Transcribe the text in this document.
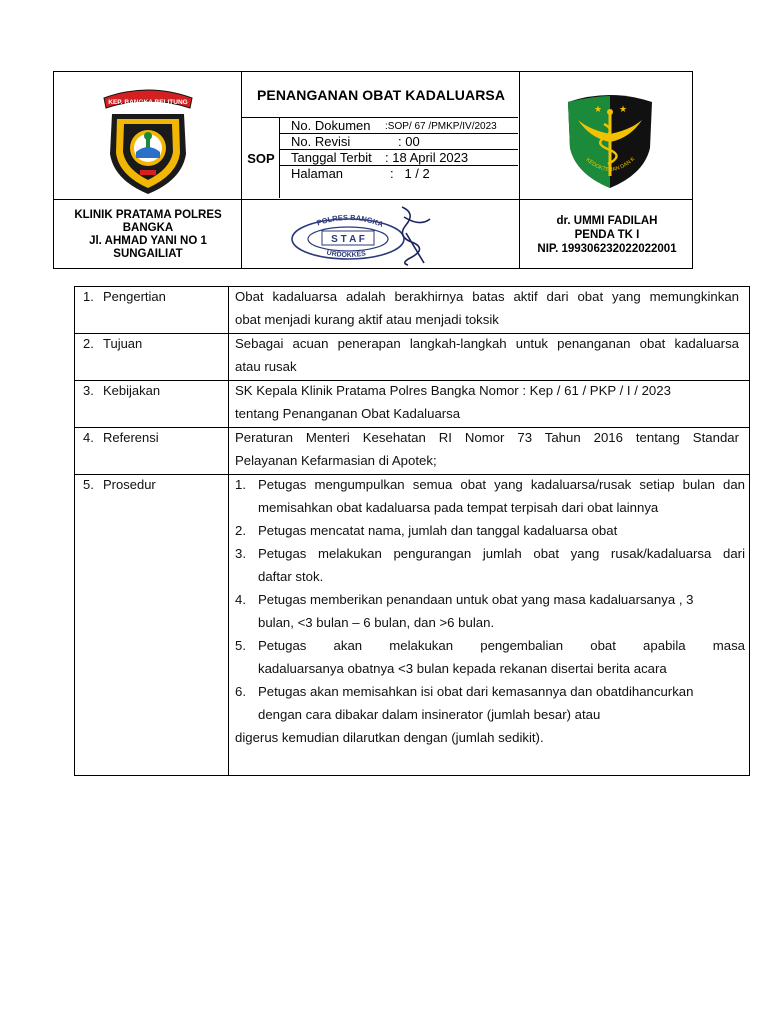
KEP. BANGKA BELITUNG	PENANGANAN OBAT KADALUARSA
SOP
No. Dokumen :SOP/ 67 /PMKP/IV/2023
No. Revisi	: 00
Tanggal Terbit : 18 April 2023
Halaman	:   1 / 2
★ ★
KEDOKTERAN DAN K
KLINIK PRATAMA POLRES
BANGKA
Jl. AHMAD YANI NO 1
SUNGAILIAT
POLRES BANGKA
S T A F
URDOKKES
dr. UMMI FADILAH
PENDA TK I
NIP. 199306232022022001
1. Pengertian	Obat kadaluarsa adalah berakhirnya batas aktif dari obat yang memungkinkan
obat menjadi kurang aktif atau menjadi toksik
2. Tujuan	Sebagai acuan penerapan langkah-langkah untuk penanganan obat kadaluarsa
atau rusak
3. Kebijakan	SK Kepala Klinik Pratama Polres Bangka Nomor : Kep / 61 / PKP / I / 2023
tentang Penanganan Obat Kadaluarsa
4. Referensi	Peraturan Menteri Kesehatan RI Nomor 73 Tahun 2016 tentang Standar
Pelayanan Kefarmasian di Apotek;
5. Prosedur	1. Petugas mengumpulkan semua obat yang kadaluarsa/rusak setiap bulan dan
memisahkan obat kadaluarsa pada tempat terpisah dari obat lainnya
2. Petugas mencatat nama, jumlah dan tanggal kadaluarsa obat
3. Petugas melakukan pengurangan jumlah obat yang rusak/kadaluarsa dari
daftar stok.
4. Petugas memberikan penandaan untuk obat yang masa kadaluarsanya , 3
bulan, <3 bulan – 6 bulan, dan >6 bulan.
5. Petugas akan melakukan pengembalian obat apabila masa
kadaluarsanya obatnya <3 bulan kepada rekanan disertai berita acara
6. Petugas akan memisahkan isi obat dari kemasannya dan obatdihancurkan
dengan cara dibakar dalam insinerator (jumlah besar) atau
digerus kemudian dilarutkan dengan (jumlah sedikit).
